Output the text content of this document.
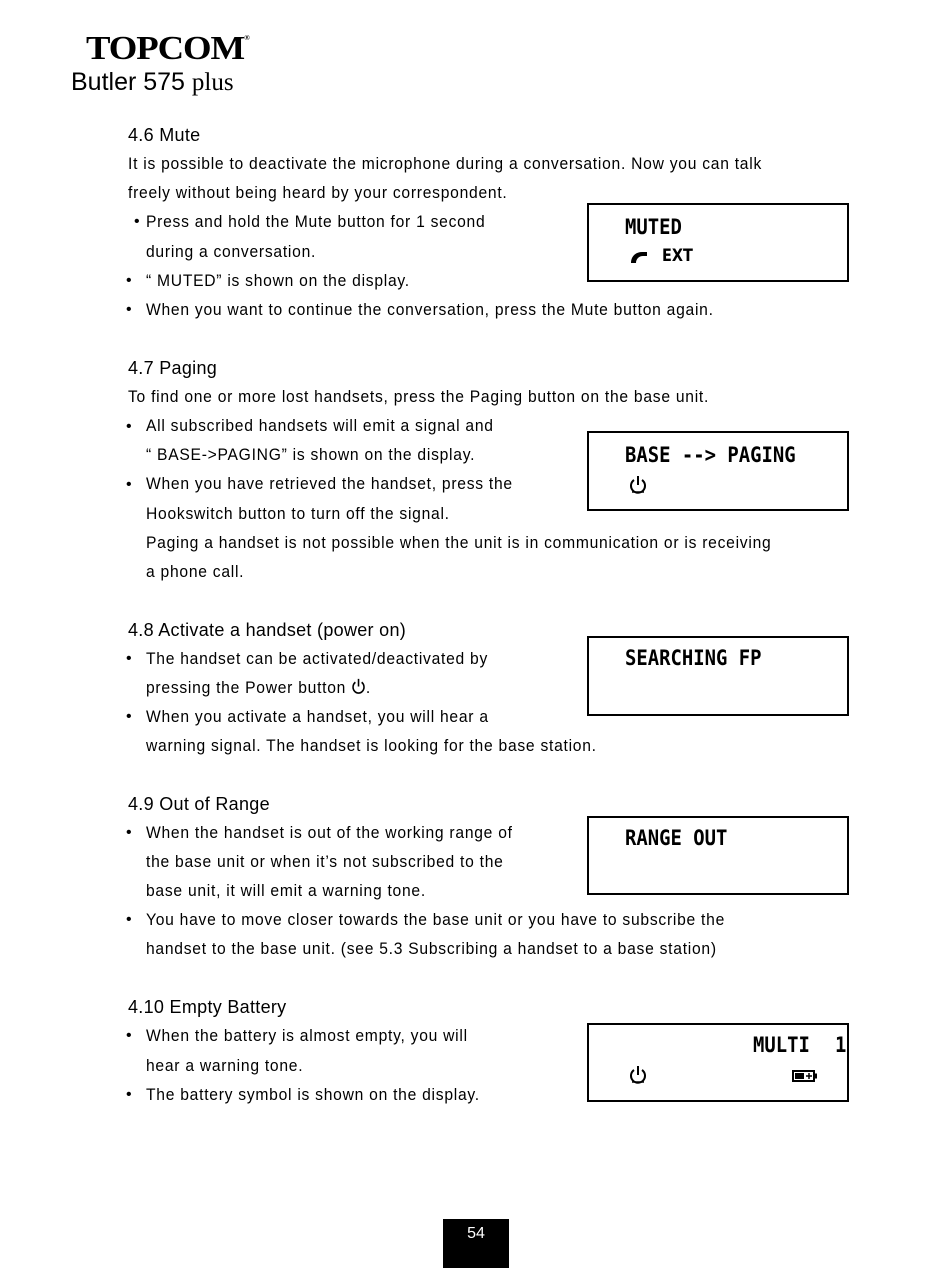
TOPCOM®
Butler 575 plus
4.6 Mute
It is possible to deactivate the microphone during a conversation. Now you can talk
freely without being heard by your correspondent.
• Press and hold the Mute button for 1 second
during a conversation.
• “ MUTED” is shown on the display.
• When you want to continue the conversation, press the Mute button again.
MUTED
EXT
4.7 Paging
To find one or more lost handsets, press the Paging button on the base unit.
• All subscribed handsets will emit a signal and
“ BASE->PAGING” is shown on the display.
• When you have retrieved the handset, press the
Hookswitch button to turn off the signal.
Paging a handset is not possible when the unit is in communication or is receiving
a phone call.
BASE --> PAGING
4.8 Activate a handset (power on)
• The handset can be activated/deactivated by
pressing the Power button .
• When you activate a handset, you will hear a
warning signal. The handset is looking for the base station.
SEARCHING FP
4.9 Out of Range
• When the handset is out of the working range of
the base unit or when it’s not subscribed to the
base unit, it will emit a warning tone.
• You have to move closer towards the base unit or you have to subscribe the
handset to the base unit. (see 5.3 Subscribing a handset to a base station)
RANGE OUT
4.10 Empty Battery
• When the battery is almost empty, you will
hear a warning tone.
• The battery symbol is shown on the display.
MULTI 1
54
